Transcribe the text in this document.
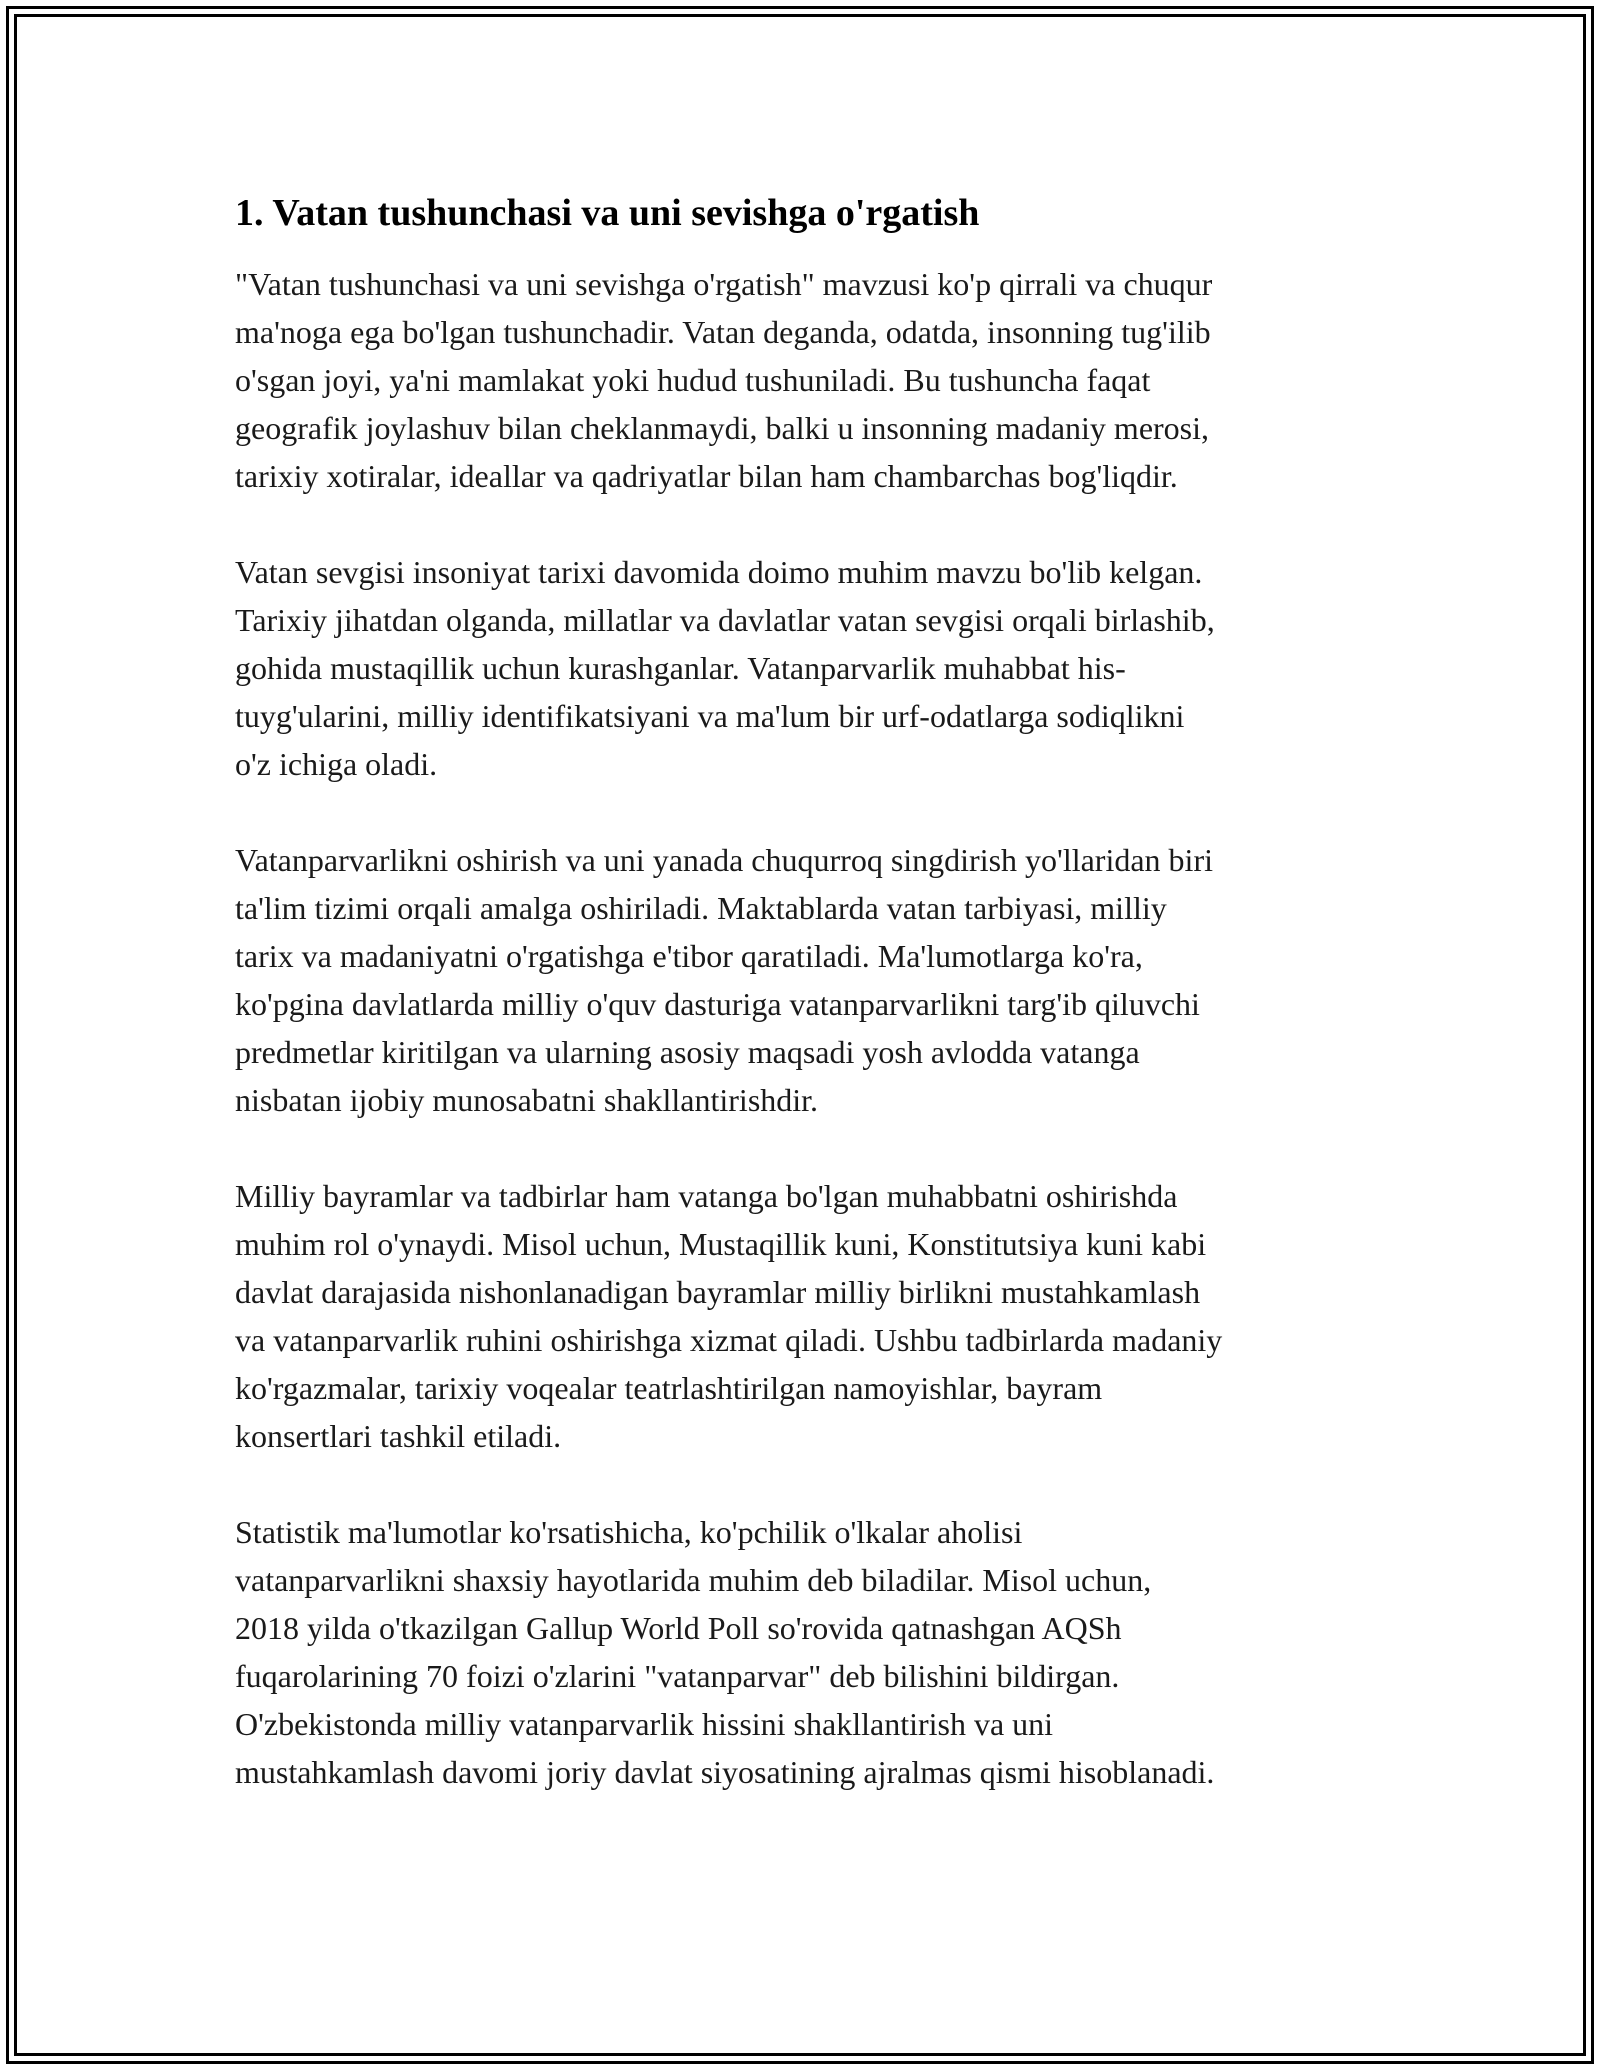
1. Vatan tushunchasi va uni sevishga o'rgatish

"Vatan tushunchasi va uni sevishga o'rgatish" mavzusi ko'p qirrali va chuqur
ma'noga ega bo'lgan tushunchadir. Vatan deganda, odatda, insonning tug'ilib
o'sgan joyi, ya'ni mamlakat yoki hudud tushuniladi. Bu tushuncha faqat
geografik joylashuv bilan cheklanmaydi, balki u insonning madaniy merosi,
tarixiy xotiralar, ideallar va qadriyatlar bilan ham chambarchas bog'liqdir.

Vatan sevgisi insoniyat tarixi davomida doimo muhim mavzu bo'lib kelgan.
Tarixiy jihatdan olganda, millatlar va davlatlar vatan sevgisi orqali birlashib,
gohida mustaqillik uchun kurashganlar. Vatanparvarlik muhabbat his-
tuyg'ularini, milliy identifikatsiyani va ma'lum bir urf-odatlarga sodiqlikni
o'z ichiga oladi.

Vatanparvarlikni oshirish va uni yanada chuqurroq singdirish yo'llaridan biri
ta'lim tizimi orqali amalga oshiriladi. Maktablarda vatan tarbiyasi, milliy
tarix va madaniyatni o'rgatishga e'tibor qaratiladi. Ma'lumotlarga ko'ra,
ko'pgina davlatlarda milliy o'quv dasturiga vatanparvarlikni targ'ib qiluvchi
predmetlar kiritilgan va ularning asosiy maqsadi yosh avlodda vatanga
nisbatan ijobiy munosabatni shakllantirishdir.

Milliy bayramlar va tadbirlar ham vatanga bo'lgan muhabbatni oshirishda
muhim rol o'ynaydi. Misol uchun, Mustaqillik kuni, Konstitutsiya kuni kabi
davlat darajasida nishonlanadigan bayramlar milliy birlikni mustahkamlash
va vatanparvarlik ruhini oshirishga xizmat qiladi. Ushbu tadbirlarda madaniy
ko'rgazmalar, tarixiy voqealar teatrlashtirilgan namoyishlar, bayram
konsertlari tashkil etiladi.

Statistik ma'lumotlar ko'rsatishicha, ko'pchilik o'lkalar aholisi
vatanparvarlikni shaxsiy hayotlarida muhim deb biladilar. Misol uchun,
2018 yilda o'tkazilgan Gallup World Poll so'rovida qatnashgan AQSh
fuqarolarining 70 foizi o'zlarini "vatanparvar" deb bilishini bildirgan.
O'zbekistonda milliy vatanparvarlik hissini shakllantirish va uni
mustahkamlash davomi joriy davlat siyosatining ajralmas qismi hisoblanadi.
